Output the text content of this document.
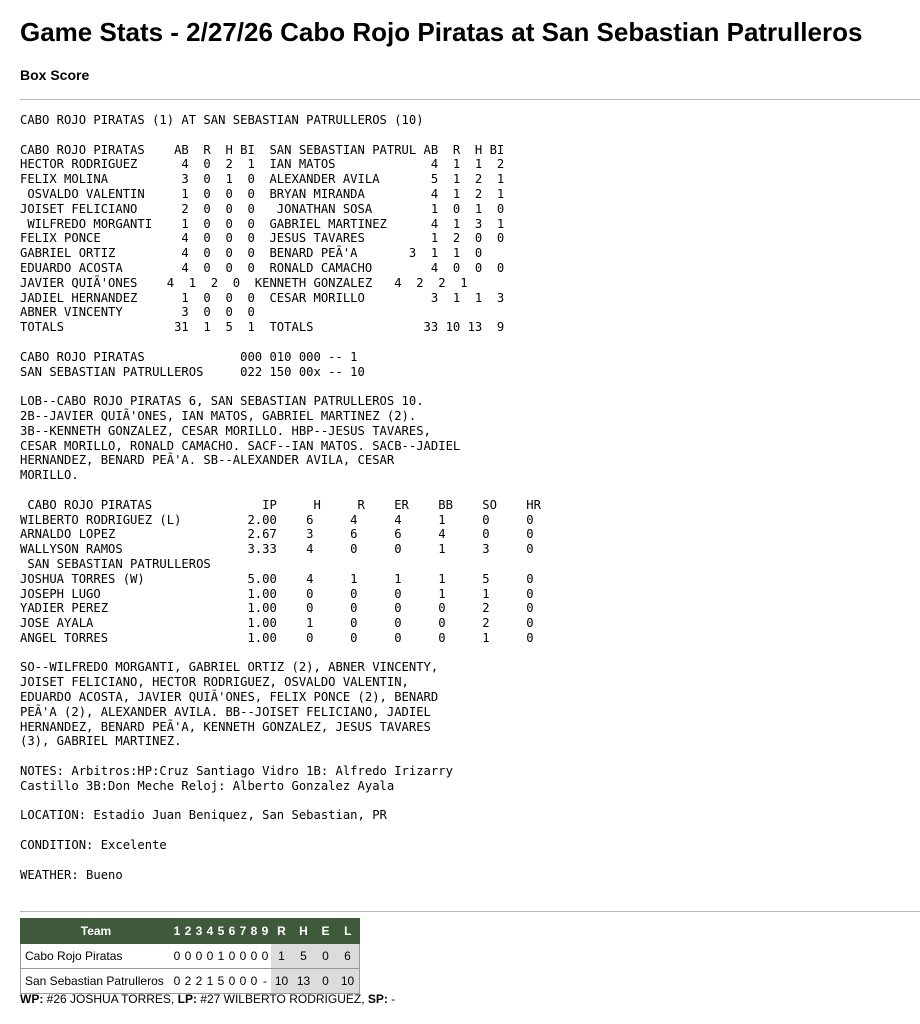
Game Stats - 2/27/26 Cabo Rojo Piratas at San Sebastian Patrulleros
Box Score
CABO ROJO PIRATAS (1) AT SAN SEBASTIAN PATRULLEROS (10)

CABO ROJO PIRATAS    AB  R  H BI  SAN SEBASTIAN PATRUL AB  R  H BI
HECTOR RODRIGUEZ      4  0  2  1  IAN MATOS             4  1  1  2
FELIX MOLINA          3  0  1  0  ALEXANDER AVILA       5  1  2  1
OSVALDO VALENTIN     1  0  0  0  BRYAN MIRANDA         4  1  2  1
JOISET FELICIANO      2  0  0  0   JONATHAN SOSA        1  0  1  0
WILFREDO MORGANTI    1  0  0  0  GABRIEL MARTINEZ      4  1  3  1
FELIX PONCE           4  0  0  0  JESUS TAVARES         1  2  0  0
GABRIEL ORTIZ         4  0  0  0  BENARD PEÃ'A       3  1  1  0
EDUARDO ACOSTA        4  0  0  0  RONALD CAMACHO        4  0  0  0
JAVIER QUIÃ'ONES    4  1  2  0  KENNETH GONZALEZ   4  2  2  1
JADIEL HERNANDEZ      1  0  0  0  CESAR MORILLO         3  1  1  3
ABNER VINCENTY        3  0  0  0
TOTALS               31  1  5  1  TOTALS               33 10 13  9

CABO ROJO PIRATAS             000 010 000 -- 1
SAN SEBASTIAN PATRULLEROS     022 150 00x -- 10

LOB--CABO ROJO PIRATAS 6, SAN SEBASTIAN PATRULLEROS 10.
2B--JAVIER QUIÃ'ONES, IAN MATOS, GABRIEL MARTINEZ (2).
3B--KENNETH GONZALEZ, CESAR MORILLO. HBP--JESUS TAVARES,
CESAR MORILLO, RONALD CAMACHO. SACF--IAN MATOS. SACB--JADIEL
HERNANDEZ, BENARD PEÃ'A. SB--ALEXANDER AVILA, CESAR
MORILLO.

CABO ROJO PIRATAS               IP     H     R    ER    BB    SO    HR
WILBERTO RODRIGUEZ (L)         2.00    6     4     4     1     0     0
ARNALDO LOPEZ                  2.67    3     6     6     4     0     0
WALLYSON RAMOS                 3.33    4     0     0     1     3     0
SAN SEBASTIAN PATRULLEROS
JOSHUA TORRES (W)              5.00    4     1     1     1     5     0
JOSEPH LUGO                    1.00    0     0     0     1     1     0
YADIER PEREZ                   1.00    0     0     0     0     2     0
JOSE AYALA                     1.00    1     0     0     0     2     0
ANGEL TORRES                   1.00    0     0     0     0     1     0

SO--WILFREDO MORGANTI, GABRIEL ORTIZ (2), ABNER VINCENTY,
JOISET FELICIANO, HECTOR RODRIGUEZ, OSVALDO VALENTIN,
EDUARDO ACOSTA, JAVIER QUIÃ'ONES, FELIX PONCE (2), BENARD
PEÃ'A (2), ALEXANDER AVILA. BB--JOISET FELICIANO, JADIEL
HERNANDEZ, BENARD PEÃ'A, KENNETH GONZALEZ, JESUS TAVARES
(3), GABRIEL MARTINEZ.

NOTES: Arbitros:HP:Cruz Santiago Vidro 1B: Alfredo Irizarry
Castillo 3B:Don Meche Reloj: Alberto Gonzalez Ayala

LOCATION: Estadio Juan Beniquez, San Sebastian, PR

CONDITION: Excelente

WEATHER: Bueno
Team	1	2	3	4	5	6	7	8	9	R	H	E	L
Cabo Rojo Piratas	0	0	0	0	1	0	0	0	0	1	5	0	6
San Sebastian Patrulleros	0	2	2	1	5	0	0	0	-	10	13	0	10
WP: #26 JOSHUA TORRES, LP: #27 WILBERTO RODRIGUEZ, SP: -
